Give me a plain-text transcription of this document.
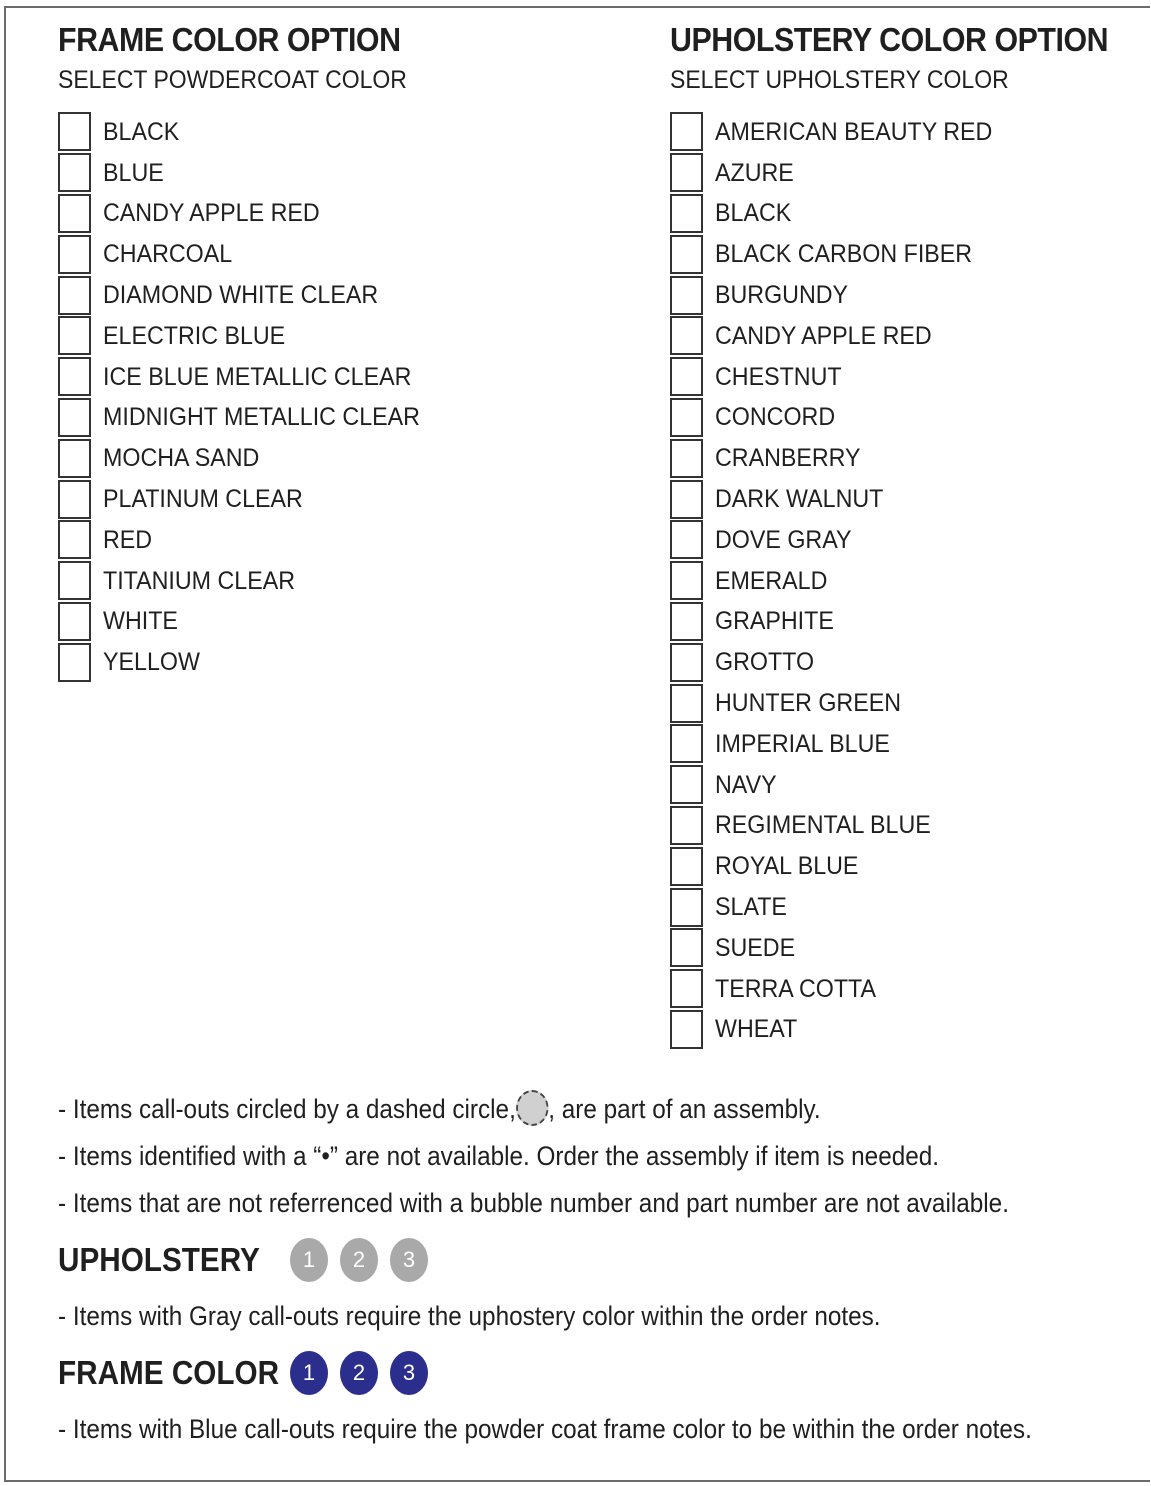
FRAME COLOR OPTION
SELECT POWDERCOAT COLOR
BLACK
BLUE
CANDY APPLE RED
CHARCOAL
DIAMOND WHITE CLEAR
ELECTRIC BLUE
ICE BLUE METALLIC CLEAR
MIDNIGHT METALLIC CLEAR
MOCHA SAND
PLATINUM CLEAR
RED
TITANIUM CLEAR
WHITE
YELLOW
UPHOLSTERY COLOR OPTION
SELECT UPHOLSTERY COLOR
AMERICAN BEAUTY RED
AZURE
BLACK
BLACK CARBON FIBER
BURGUNDY
CANDY APPLE RED
CHESTNUT
CONCORD
CRANBERRY
DARK WALNUT
DOVE GRAY
EMERALD
GRAPHITE
GROTTO
HUNTER GREEN
IMPERIAL BLUE
NAVY
REGIMENTAL BLUE
ROYAL BLUE
SLATE
SUEDE
TERRA COTTA
WHEAT
- Items call-outs circled by a dashed circle, , are part of an assembly.
- Items identified with a “•” are not available. Order the assembly if item is needed.
- Items that are not referrenced with a bubble number and part number are not available.
UPHOLSTERY	1	2	3
- Items with Gray call-outs require the uphostery color within the order notes.
FRAME COLOR	1	2	3
- Items with Blue call-outs require the powder coat frame color to be within the order notes.
